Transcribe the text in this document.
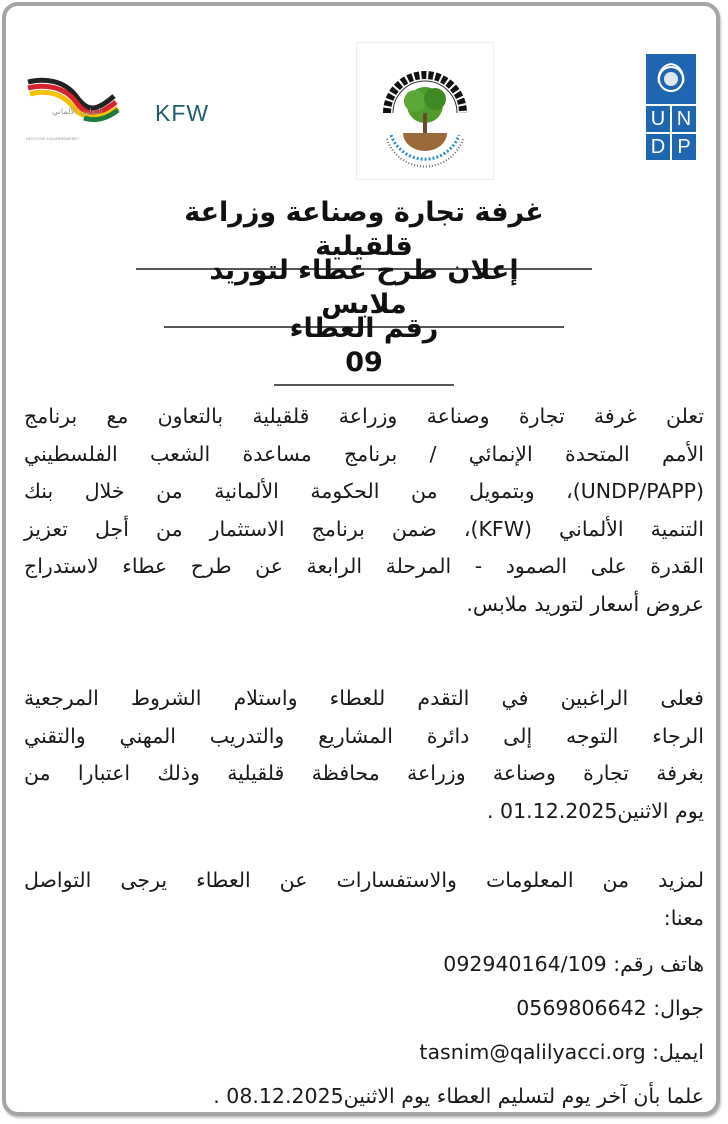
التعاون الألماني
DEUTSCHE ZUSAMMENARBEIT
KFW	U N
D P
غرفة تجارة وصناعة وزراعة قلقيلية
إعلان طرح عطاء لتوريد ملابس
رقم العطاء 09
تعلن غرفة تجارة وصناعة وزراعة قلقيلية بالتعاون مع برنامج
الأمم المتحدة الإنمائي / برنامج مساعدة الشعب الفلسطيني
(UNDP/PAPP)، وبتمويل من الحكومة الألمانية من خلال بنك
التنمية الألماني (KFW)، ضمن برنامج الاستثمار من أجل تعزيز
القدرة على الصمود - المرحلة الرابعة عن طرح عطاء لاستدراج
عروض أسعار لتوريد ملابس.
فعلى الراغبين في التقدم للعطاء واستلام الشروط المرجعية
الرجاء التوجه إلى دائرة المشاريع والتدريب المهني والتقني
بغرفة تجارة وصناعة وزراعة محافظة قلقيلية وذلك اعتبارا من
يوم الاثنين01.12.2025 .
لمزيد من المعلومات والاستفسارات عن العطاء يرجى التواصل
معنا:
هاتف رقم: 092940164/109
جوال: 0569806642
ايميل: tasnim@qalilyacci.org
علما بأن آخر يوم لتسليم العطاء يوم الاثنين08.12.2025 .
